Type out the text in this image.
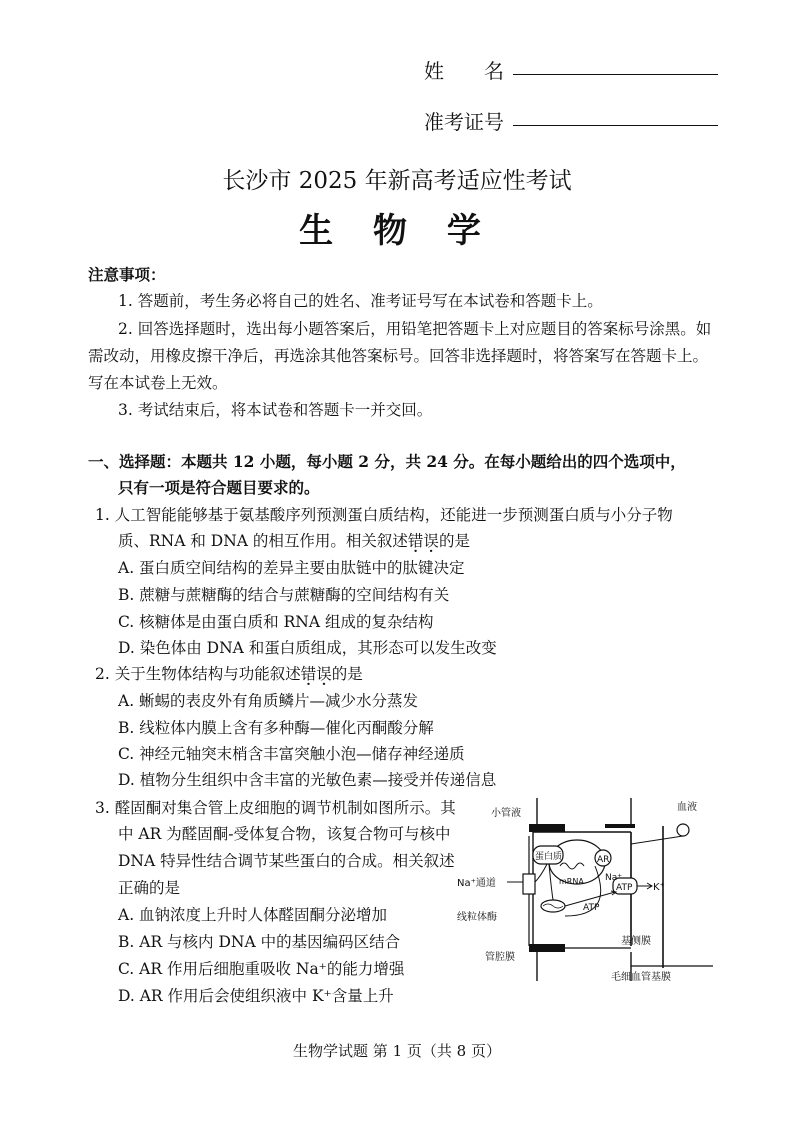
姓　　名
准考证号
长沙市 2025 年新高考适应性考试
生 物 学
注意事项：
1. 答题前，考生务必将自己的姓名、准考证号写在本试卷和答题卡上。
2. 回答选择题时，选出每小题答案后，用铅笔把答题卡上对应题目的答案标号涂黑。如
需改动，用橡皮擦干净后，再选涂其他答案标号。回答非选择题时，将答案写在答题卡上。
写在本试卷上无效。
3. 考试结束后，将本试卷和答题卡一并交回。
一、选择题：本题共 12 小题，每小题 2 分，共 24 分。在每小题给出的四个选项中，
只有一项是符合题目要求的。
1. 人工智能能够基于氨基酸序列预测蛋白质结构，还能进一步预测蛋白质与小分子物
质、RNA 和 DNA 的相互作用。相关叙述错误的是
A. 蛋白质空间结构的差异主要由肽链中的肽键决定
B. 蔗糖与蔗糖酶的结合与蔗糖酶的空间结构有关
C. 核糖体是由蛋白质和 RNA 组成的复杂结构
D. 染色体由 DNA 和蛋白质组成，其形态可以发生改变
2. 关于生物体结构与功能叙述错误的是
A. 蜥蜴的表皮外有角质鳞片—减少水分蒸发
B. 线粒体内膜上含有多种酶—催化丙酮酸分解
C. 神经元轴突末梢含丰富突触小泡—储存神经递质
D. 植物分生组织中含丰富的光敏色素—接受并传递信息
3. 醛固酮对集合管上皮细胞的调节机制如图所示。其
中 AR 为醛固酮-受体复合物，该复合物可与核中
DNA 特异性结合调节某些蛋白的合成。相关叙述
正确的是
A. 血钠浓度上升时人体醛固酮分泌增加
B. AR 与核内 DNA 中的基因编码区结合
C. AR 作用后细胞重吸收 Na⁺的能力增强
D. AR 作用后会使组织液中 K⁺含量上升
小管液
血液
蛋白质	AR
mRNA
Na⁺通道	Na⁺
ATP K⁺
线粒体酶
ATP
管腔膜
基侧膜
毛细血管基膜
生物学试题 第 1 页（共 8 页）
